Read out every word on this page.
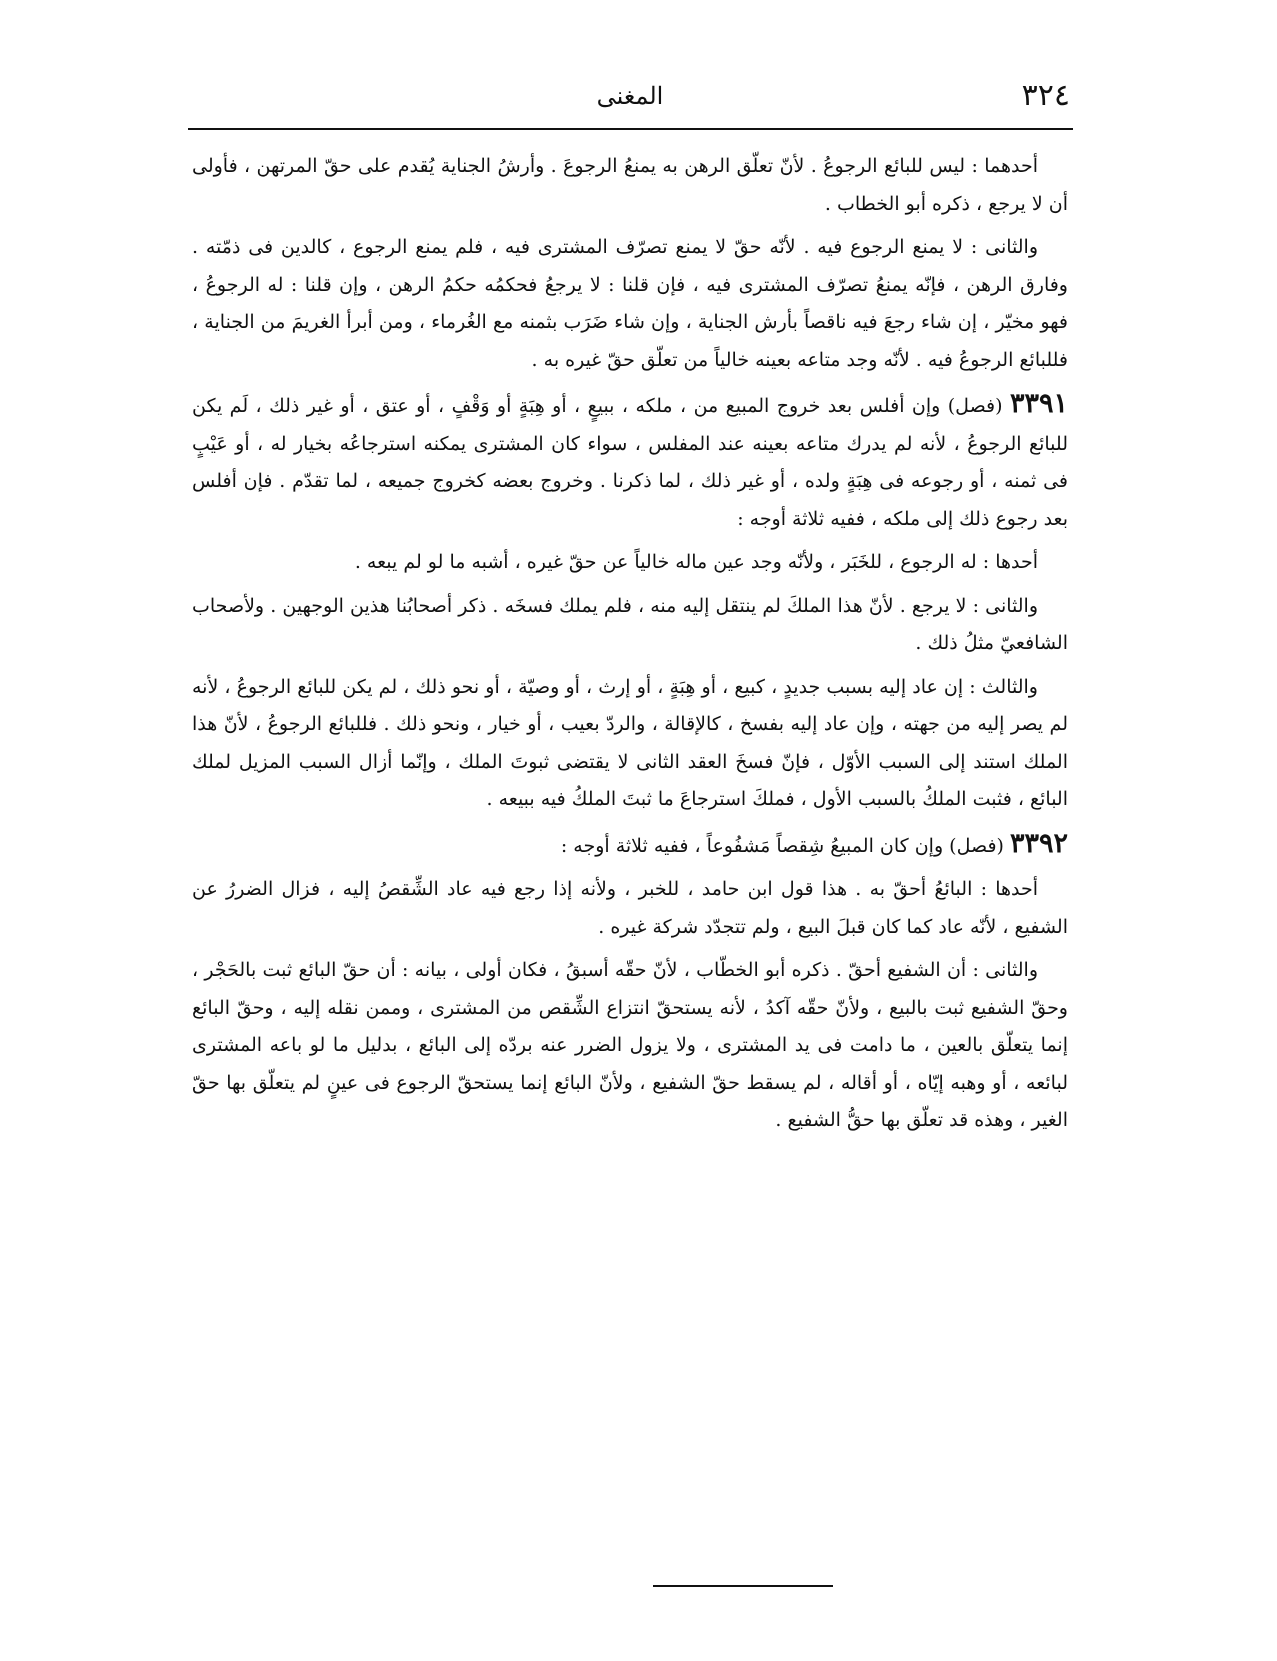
٣٢٤
المغنى

أحدهما : ليس للبائع الرجوعُ . لأنّ تعلّق الرهن به يمنعُ الرجوعَ . وأرشُ الجناية يُقدم على حقّ المرتهن ، فأولى أن لا يرجع ، ذكره أبو الخطاب .

والثانى : لا يمنع الرجوع فيه . لأنّه حقّ لا يمنع تصرّف المشترى فيه ، فلم يمنع الرجوع ، كالدين فى ذمّته . وفارق الرهن ، فإنّه يمنعُ تصرّف المشترى فيه ، فإن قلنا : لا يرجعُ فحكمُه حكمُ الرهن ، وإن قلنا : له الرجوعُ ، فهو مخيّر ، إن شاء رجعَ فيه ناقصاً بأرش الجناية ، وإن شاء ضَرَب بثمنه مع الغُرماء ، ومن أبرأ الغريمَ من الجناية ، فللبائع الرجوعُ فيه . لأنّه وجد متاعه بعينه خالياً من تعلّق حقّ غيره به .

٣٣٩١ (فصل) وإن أفلس بعد خروج المبيع من ، ملكه ، ببيعٍ ، أو هِبَةٍ أو وَقْفٍ ، أو عتق ، أو غير ذلك ، لَم يكن للبائع الرجوعُ ، لأنه لم يدرك متاعه بعينه عند المفلس ، سواء كان المشترى يمكنه استرجاعُه بخيار له ، أو عَيْبٍ فى ثمنه ، أو رجوعه فى هِبَةٍ ولده ، أو غير ذلك ، لما ذكرنا . وخروج بعضه كخروج جميعه ، لما تقدّم . فإن أفلس بعد رجوع ذلك إلى ملكه ، ففيه ثلاثة أوجه :

أحدها : له الرجوع ، للخَبَر ، ولأنّه وجد عين ماله خالياً عن حقّ غيره ، أشبه ما لو لم يبعه .

والثانى : لا يرجع . لأنّ هذا الملكَ لم ينتقل إليه منه ، فلم يملك فسخَه . ذكر أصحابُنا هذين الوجهين . ولأصحاب الشافعيّ مثلُ ذلك .

والثالث : إن عاد إليه بسبب جديدٍ ، كبيع ، أو هِبَةٍ ، أو إرث ، أو وصيّة ، أو نحو ذلك ، لم يكن للبائع الرجوعُ ، لأنه لم يصر إليه من جهته ، وإن عاد إليه بفسخ ، كالإقالة ، والردّ بعيب ، أو خيار ، ونحو ذلك . فللبائع الرجوعُ ، لأنّ هذا الملك استند إلى السبب الأوّل ، فإنّ فسخَ العقد الثانى لا يقتضى ثبوتَ الملك ، وإنّما أزال السبب المزيل لملك البائع ، فثبت الملكُ بالسبب الأول ، فملكَ استرجاعَ ما ثبتَ الملكُ فيه ببيعه .

٣٣٩٢ (فصل) وإن كان المبيعُ شِقصاً مَشفُوعاً ، ففيه ثلاثة أوجه :

أحدها : البائعُ أحقّ به . هذا قول ابن حامد ، للخبر ، ولأنه إذا رجع فيه عاد الشِّقصُ إليه ، فزال الضررُ عن الشفيع ، لأنّه عاد كما كان قبلَ البيع ، ولم تتجدّد شركة غيره .

والثانى : أن الشفيع أحقّ . ذكره أبو الخطّاب ، لأنّ حقّه أسبقُ ، فكان أولى ، بيانه : أن حقّ البائع ثبت بالحَجْر ، وحقّ الشفيع ثبت بالبيع ، ولأنّ حقّه آكدُ ، لأنه يستحقّ انتزاع الشِّقص من المشترى ، وممن نقله إليه ، وحقّ البائع إنما يتعلّق بالعين ، ما دامت فى يد المشترى ، ولا يزول الضرر عنه بردّه إلى البائع ، بدليل ما لو باعه المشترى لبائعه ، أو وهبه إيّاه ، أو أقاله ، لم يسقط حقّ الشفيع ، ولأنّ البائع إنما يستحقّ الرجوع فى عينٍ لم يتعلّق بها حقّ الغير ، وهذه قد تعلّق بها حقُّ الشفيع .
